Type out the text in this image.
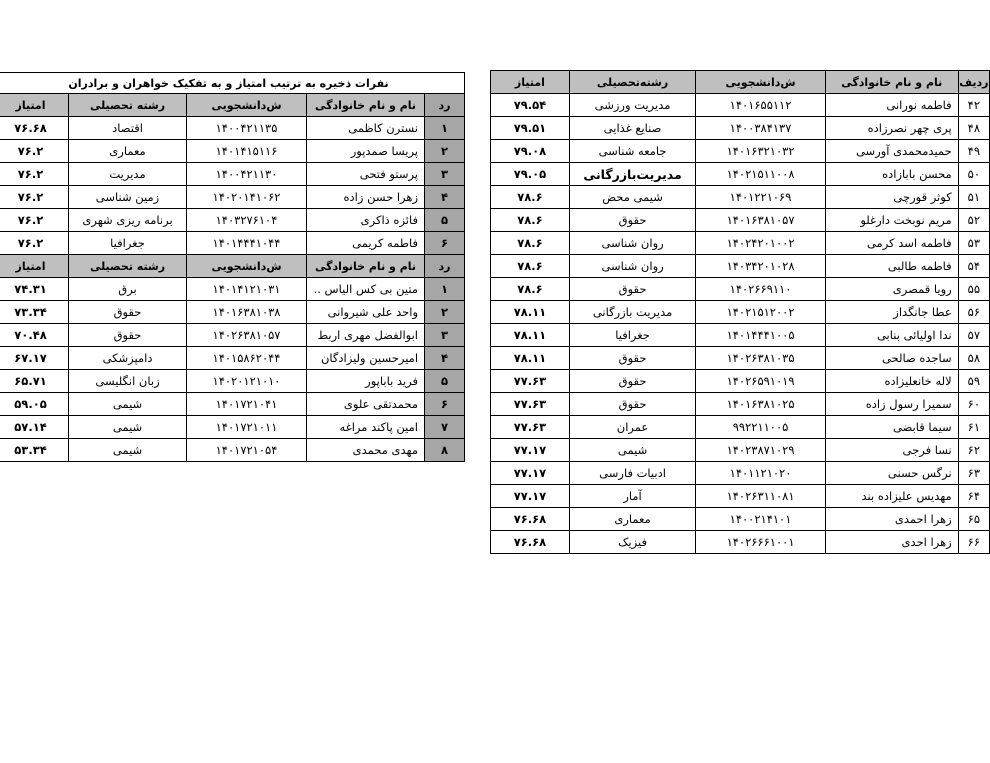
ردیف	نام و نام خانوادگی	ش‌دانشجویی	رشته‌تحصیلی	امتیاز
۴۲	فاطمه نورانی	۱۴۰۱۶۵۵۱۱۲	مدیریت ورزشی	۷۹.۵۴
۴۸	پری چهر نصرزاده	۱۴۰۰۳۸۴۱۳۷	صنایع غذایی	۷۹.۵۱
۴۹	حمیدمحمدی آورسی	۱۴۰۱۶۳۲۱۰۳۲	جامعه شناسی	۷۹.۰۸
۵۰	محسن بابازاده	۱۴۰۲۱۵۱۱۰۰۸	مدیریت‌بازرگانی	۷۹.۰۵
۵۱	کوثر قورچی	۱۴۰۱۲۲۱۰۶۹	شیمی محض	۷۸.۶
۵۲	مریم نوبخت دارغلو	۱۴۰۱۶۳۸۱۰۵۷	حقوق	۷۸.۶
۵۳	فاطمه اسد کرمی	۱۴۰۲۴۲۰۱۰۰۲	روان شناسی	۷۸.۶
۵۴	فاطمه طالبی	۱۴۰۳۴۲۰۱۰۲۸	روان شناسی	۷۸.۶
۵۵	رویا قمصری	۱۴۰۲۶۶۹۱۱۰	حقوق	۷۸.۶
۵۶	عطا جانگداز	۱۴۰۲۱۵۱۲۰۰۲	مدیریت بازرگانی	۷۸.۱۱
۵۷	ندا اولیائی بنابی	۱۴۰۱۴۴۴۱۰۰۵	جغرافیا	۷۸.۱۱
۵۸	ساجده صالحی	۱۴۰۲۶۳۸۱۰۳۵	حقوق	۷۸.۱۱
۵۹	لاله خانعلیزاده	۱۴۰۲۶۵۹۱۰۱۹	حقوق	۷۷.۶۳
۶۰	سمیرا رسول زاده	۱۴۰۱۶۳۸۱۰۲۵	حقوق	۷۷.۶۳
۶۱	سیما قابضی	۹۹۲۲۱۱۰۰۵	عمران	۷۷.۶۳
۶۲	نسا فرجی	۱۴۰۲۳۸۷۱۰۲۹	شیمی	۷۷.۱۷
۶۳	نرگس حسنی	۱۴۰۱۱۲۱۰۲۰	ادبیات فارسی	۷۷.۱۷
۶۴	مهدیس علیزاده بند	۱۴۰۲۶۳۱۱۰۸۱	آمار	۷۷.۱۷
۶۵	زهرا احمدی	۱۴۰۰۲۱۴۱۰۱	معماری	۷۶.۶۸
۶۶	زهرا احدی	۱۴۰۲۶۶۶۱۰۰۱	فیزیک	۷۶.۶۸
نفرات ذخیره به ترتیب امتیاز و به تفکیک خواهران و برادران				
رد	نام و نام خانوادگی	ش‌دانشجویی	رشته تحصیلی	امتیاز
۱	نسترن کاظمی	۱۴۰۰۴۲۱۱۳۵	اقتصاد	۷۶.۶۸
۲	پریسا صمدپور	۱۴۰۱۴۱۵۱۱۶	معماری	۷۶.۲
۳	پرستو فتحی	۱۴۰۰۴۲۱۱۳۰	مدیریت	۷۶.۲
۴	زهرا حسن زاده	۱۴۰۲۰۱۴۱۰۶۲	زمین شناسی	۷۶.۲
۵	فائزه ذاکری	۱۴۰۳۲۷۶۱۰۴	برنامه ریزی شهری	۷۶.۲
۶	فاطمه کریمی	۱۴۰۱۴۴۴۱۰۴۴	جغرافیا	۷۶.۲
رد	نام و نام خانوادگی	ش‌دانشجویی	رشته تحصیلی	امتیاز
۱	متین بی کس الیاس ..	۱۴۰۱۴۱۲۱۰۳۱	برق	۷۴.۳۱
۲	واحد علی شیروانی	۱۴۰۱۶۳۸۱۰۳۸	حقوق	۷۳.۳۴
۳	ابوالفضل مهری اربط	۱۴۰۲۶۳۸۱۰۵۷	حقوق	۷۰.۴۸
۴	امیرحسین ولیزادگان	۱۴۰۱۵۸۶۲۰۴۴	دامپزشکی	۶۷.۱۷
۵	فرید باباپور	۱۴۰۲۰۱۲۱۰۱۰	زبان انگلیسی	۶۵.۷۱
۶	محمدتقی علوی	۱۴۰۱۷۲۱۰۴۱	شیمی	۵۹.۰۵
۷	امین پاکند مراغه	۱۴۰۱۷۲۱۰۱۱	شیمی	۵۷.۱۴
۸	مهدی محمدی	۱۴۰۱۷۲۱۰۵۴	شیمی	۵۳.۳۴
